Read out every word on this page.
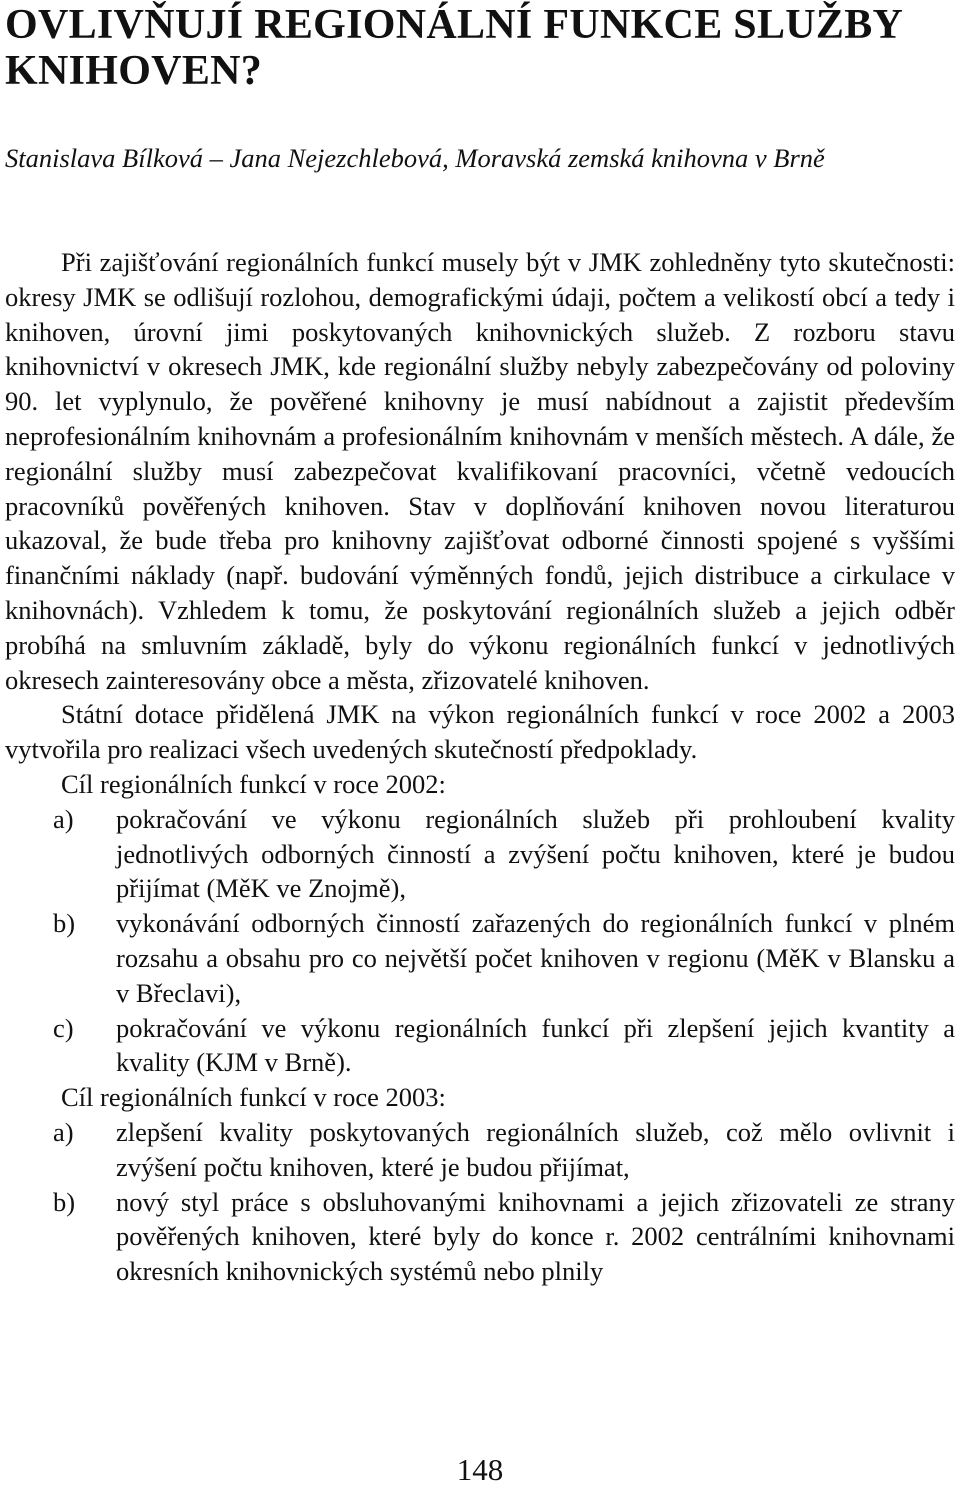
OVLIVŇUJÍ REGIONÁLNÍ FUNKCE SLUŽBY KNIHOVEN?
Stanislava Bílková – Jana Nejezchlebová, Moravská zemská knihovna v Brně

Při zajišťování regionálních funkcí musely být v JMK zohledněny tyto skutečnosti: okresy JMK se odlišují rozlohou, demografickými údaji, počtem a velikostí obcí a tedy i knihoven, úrovní jimi poskytovaných knihovnických služeb. Z rozboru stavu knihovnictví v okresech JMK, kde regionální služby nebyly zabezpečovány od poloviny 90. let vyplynulo, že pověřené knihovny je musí nabídnout a zajistit především neprofesionálním knihovnám a profesionálním knihovnám v menších městech. A dále, že regionální služby musí zabezpečovat kvalifikovaní pracovníci, včetně vedoucích pracovníků pověřených knihoven. Stav v doplňování knihoven novou literaturou ukazoval, že bude třeba pro knihovny zajišťovat odborné činnosti spojené s vyššími finančními náklady (např. budování výměnných fondů, jejich distribuce a cirkulace v knihovnách). Vzhledem k tomu, že poskytování regionálních služeb a jejich odběr probíhá na smluvním základě, byly do výkonu regionálních funkcí v jednotlivých okresech zainteresovány obce a města, zřizovatelé knihoven.

Státní dotace přidělená JMK na výkon regionálních funkcí v roce 2002 a 2003 vytvořila pro realizaci všech uvedených skutečností předpoklady.

Cíl regionálních funkcí v roce 2002:

a) pokračování ve výkonu regionálních služeb při prohloubení kvality jednotlivých odborných činností a zvýšení počtu knihoven, které je budou přijímat (MěK ve Znojmě),
b) vykonávání odborných činností zařazených do regionálních funkcí v plném rozsahu a obsahu pro co největší počet knihoven v regionu (MěK v Blansku a v Břeclavi),
c) pokračování ve výkonu regionálních funkcí při zlepšení jejich kvantity a kvality (KJM v Brně).

Cíl regionálních funkcí v roce 2003:

a) zlepšení kvality poskytovaných regionálních služeb, což mělo ovlivnit i zvýšení počtu knihoven, které je budou přijímat,
b) nový styl práce s obsluhovanými knihovnami a jejich zřizovateli ze strany pověřených knihoven, které byly do konce r. 2002 centrálními knihovnami okresních knihovnických systémů nebo plnily
148
